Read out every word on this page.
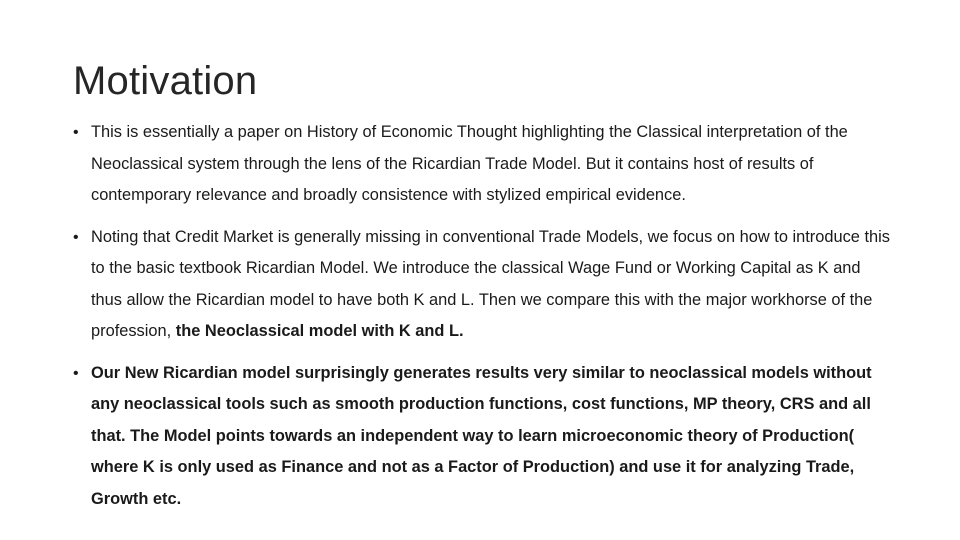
Motivation
• This is essentially a paper on History of Economic Thought highlighting the Classical interpretation of the Neoclassical system through the lens of the Ricardian Trade Model. But it contains host of results of contemporary relevance and broadly consistence with stylized empirical evidence.
• Noting that Credit Market is generally missing in conventional Trade Models, we focus on how to introduce this to the basic textbook Ricardian Model. We introduce the classical Wage Fund or Working Capital as K and thus allow the Ricardian model to have both K and L. Then we compare this with the major workhorse of the profession, the Neoclassical model with K and L.
• Our New Ricardian model surprisingly generates results very similar to neoclassical models without any neoclassical tools such as smooth production functions, cost functions, MP theory, CRS and all that. The Model points towards an independent way to learn microeconomic theory of Production( where K is only used as Finance and not as a Factor of Production) and use it for analyzing Trade, Growth etc.
